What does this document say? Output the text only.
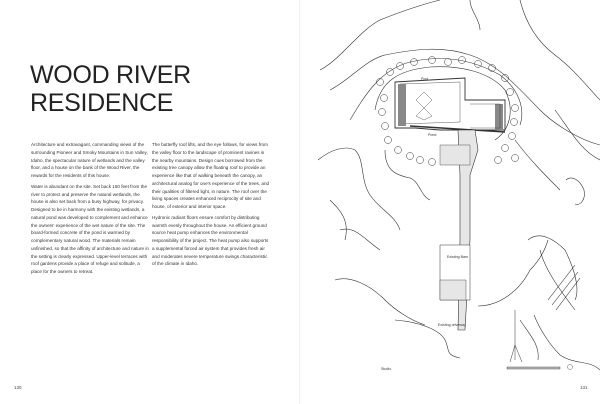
WOOD RIVER
RESIDENCE

Architecture and extravagant, commanding views of the surrounding Pioneer and Smoky Mountains in Sun Valley, Idaho, the spectacular nature of wetlands and the valley floor, and a house on the bank of the Wood River, the rewards for the residents of this house.

Water is abundant on the site. Set back 150 feet from the river to protect and preserve the natural wetlands, the house is also set back from a busy highway, for privacy. Designed to be in harmony with the existing wetlands, a natural pond was developed to complement and enhance the owners' experience of the wet nature of the site. The board-formed concrete of the pond is warmed by complementary natural wood. The materials remain unfinished, so that the affinity of architecture and nature in the setting is clearly expressed. Upper-level terraces with roof gardens provide a place of refuge and solitude, a place for the owners to retreat.

The butterfly roof lifts, and the eye follows, for views from the valley floor to the landscape of prominent ravines in the nearby mountains. Design cues borrowed from the existing tree canopy allow the floating roof to provide an experience like that of walking beneath the canopy, an architectural analog for one's experience of the trees, and their qualities of filtered light, in nature. The roof over the living spaces creates enhanced reciprocity of site and house, of exterior and interior space.

Hydronic radiant floors ensure comfort by distributing warmth evenly throughout the house. An efficient ground source heat pump enhances the environmental responsibility of the project. The heat pump also supports a supplemental forced air system that provides fresh air and moderates severe temperature swings characteristic of the climate in Idaho.

130	131
Pool
Pond
Existing Barn
Existing driveway
Studio
